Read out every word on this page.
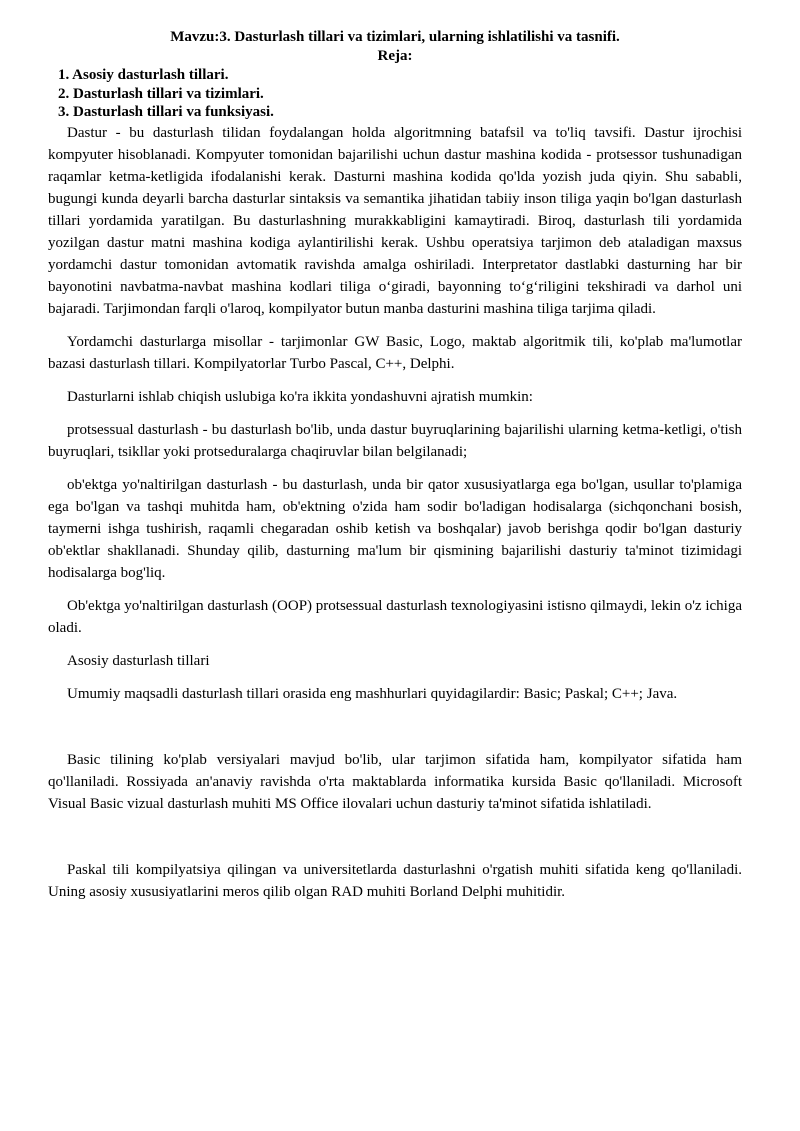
Mavzu:3. Dasturlash tillari va tizimlari, ularning ishlatilishi va tasnifi.

Reja:

1. Asosiy dasturlash tillari.
2. Dasturlash tillari va tizimlari.
3. Dasturlash tillari va funksiyasi.

Dastur - bu dasturlash tilidan foydalangan holda algoritmning batafsil va to'liq tavsifi. Dastur ijrochisi kompyuter hisoblanadi. Kompyuter tomonidan bajarilishi uchun dastur mashina kodida - protsessor tushunadigan raqamlar ketma-ketligida ifodalanishi kerak. Dasturni mashina kodida qo'lda yozish juda qiyin. Shu sababli, bugungi kunda deyarli barcha dasturlar sintaksis va semantika jihatidan tabiiy inson tiliga yaqin bo'lgan dasturlash tillari yordamida yaratilgan. Bu dasturlashning murakkabligini kamaytiradi. Biroq, dasturlash tili yordamida yozilgan dastur matni mashina kodiga aylantirilishi kerak. Ushbu operatsiya tarjimon deb ataladigan maxsus yordamchi dastur tomonidan avtomatik ravishda amalga oshiriladi. Interpretator dastlabki dasturning har bir bayonotini navbatma-navbat mashina kodlari tiliga o‘giradi, bayonning to‘g‘riligini tekshiradi va darhol uni bajaradi. Tarjimondan farqli o'laroq, kompilyator butun manba dasturini mashina tiliga tarjima qiladi.

Yordamchi dasturlarga misollar - tarjimonlar GW Basic, Logo, maktab algoritmik tili, ko'plab ma'lumotlar bazasi dasturlash tillari. Kompilyatorlar Turbo Pascal, C++, Delphi.

Dasturlarni ishlab chiqish uslubiga ko'ra ikkita yondashuvni ajratish mumkin:

protsessual dasturlash - bu dasturlash bo'lib, unda dastur buyruqlarining bajarilishi ularning ketma-ketligi, o'tish buyruqlari, tsikllar yoki protseduralarga chaqiruvlar bilan belgilanadi;

ob'ektga yo'naltirilgan dasturlash - bu dasturlash, unda bir qator xususiyatlarga ega bo'lgan, usullar to'plamiga ega bo'lgan va tashqi muhitda ham, ob'ektning o'zida ham sodir bo'ladigan hodisalarga (sichqonchani bosish, taymerni ishga tushirish, raqamli chegaradan oshib ketish va boshqalar) javob berishga qodir bo'lgan dasturiy ob'ektlar shakllanadi. Shunday qilib, dasturning ma'lum bir qismining bajarilishi dasturiy ta'minot tizimidagi hodisalarga bog'liq.

Ob'ektga yo'naltirilgan dasturlash (OOP) protsessual dasturlash texnologiyasini istisno qilmaydi, lekin o'z ichiga oladi.

Asosiy dasturlash tillari

Umumiy maqsadli dasturlash tillari orasida eng mashhurlari quyidagilardir: Basic; Paskal; C++; Java.

Basic tilining ko'plab versiyalari mavjud bo'lib, ular tarjimon sifatida ham, kompilyator sifatida ham qo'llaniladi. Rossiyada an'anaviy ravishda o'rta maktablarda informatika kursida Basic qo'llaniladi. Microsoft Visual Basic vizual dasturlash muhiti MS Office ilovalari uchun dasturiy ta'minot sifatida ishlatiladi.

Paskal tili kompilyatsiya qilingan va universitetlarda dasturlashni o'rgatish muhiti sifatida keng qo'llaniladi. Uning asosiy xususiyatlarini meros qilib olgan RAD muhiti Borland Delphi muhitidir.
